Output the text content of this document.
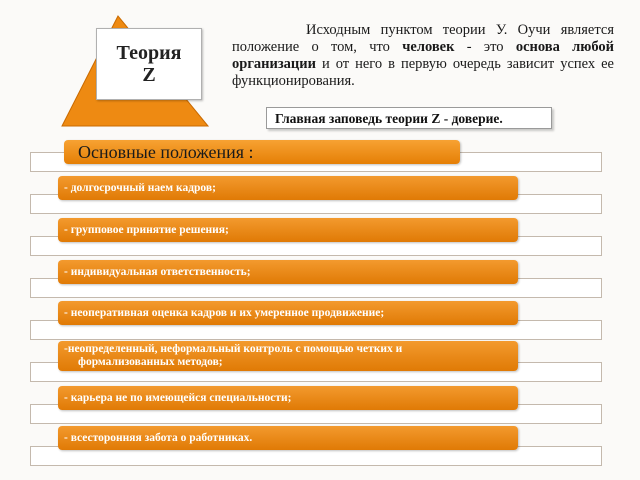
Теория
Z
Исходным пунктом теории У. Оучи является положение о том, что человек - это основа любой организации и от него в первую очередь зависит успех ее функционирования.
Главная заповедь теории Z - доверие.
Основные положения :
- долгосрочный наем кадров;
- групповое принятие решения;
- индивидуальная ответственность;
- неоперативная оценка кадров и их умеренное продвижение;
-неопределенный, неформальный контроль с помощью четких и
формализованных методов;
- карьера не по имеющейся специальности;
- всесторонняя забота о работниках.
